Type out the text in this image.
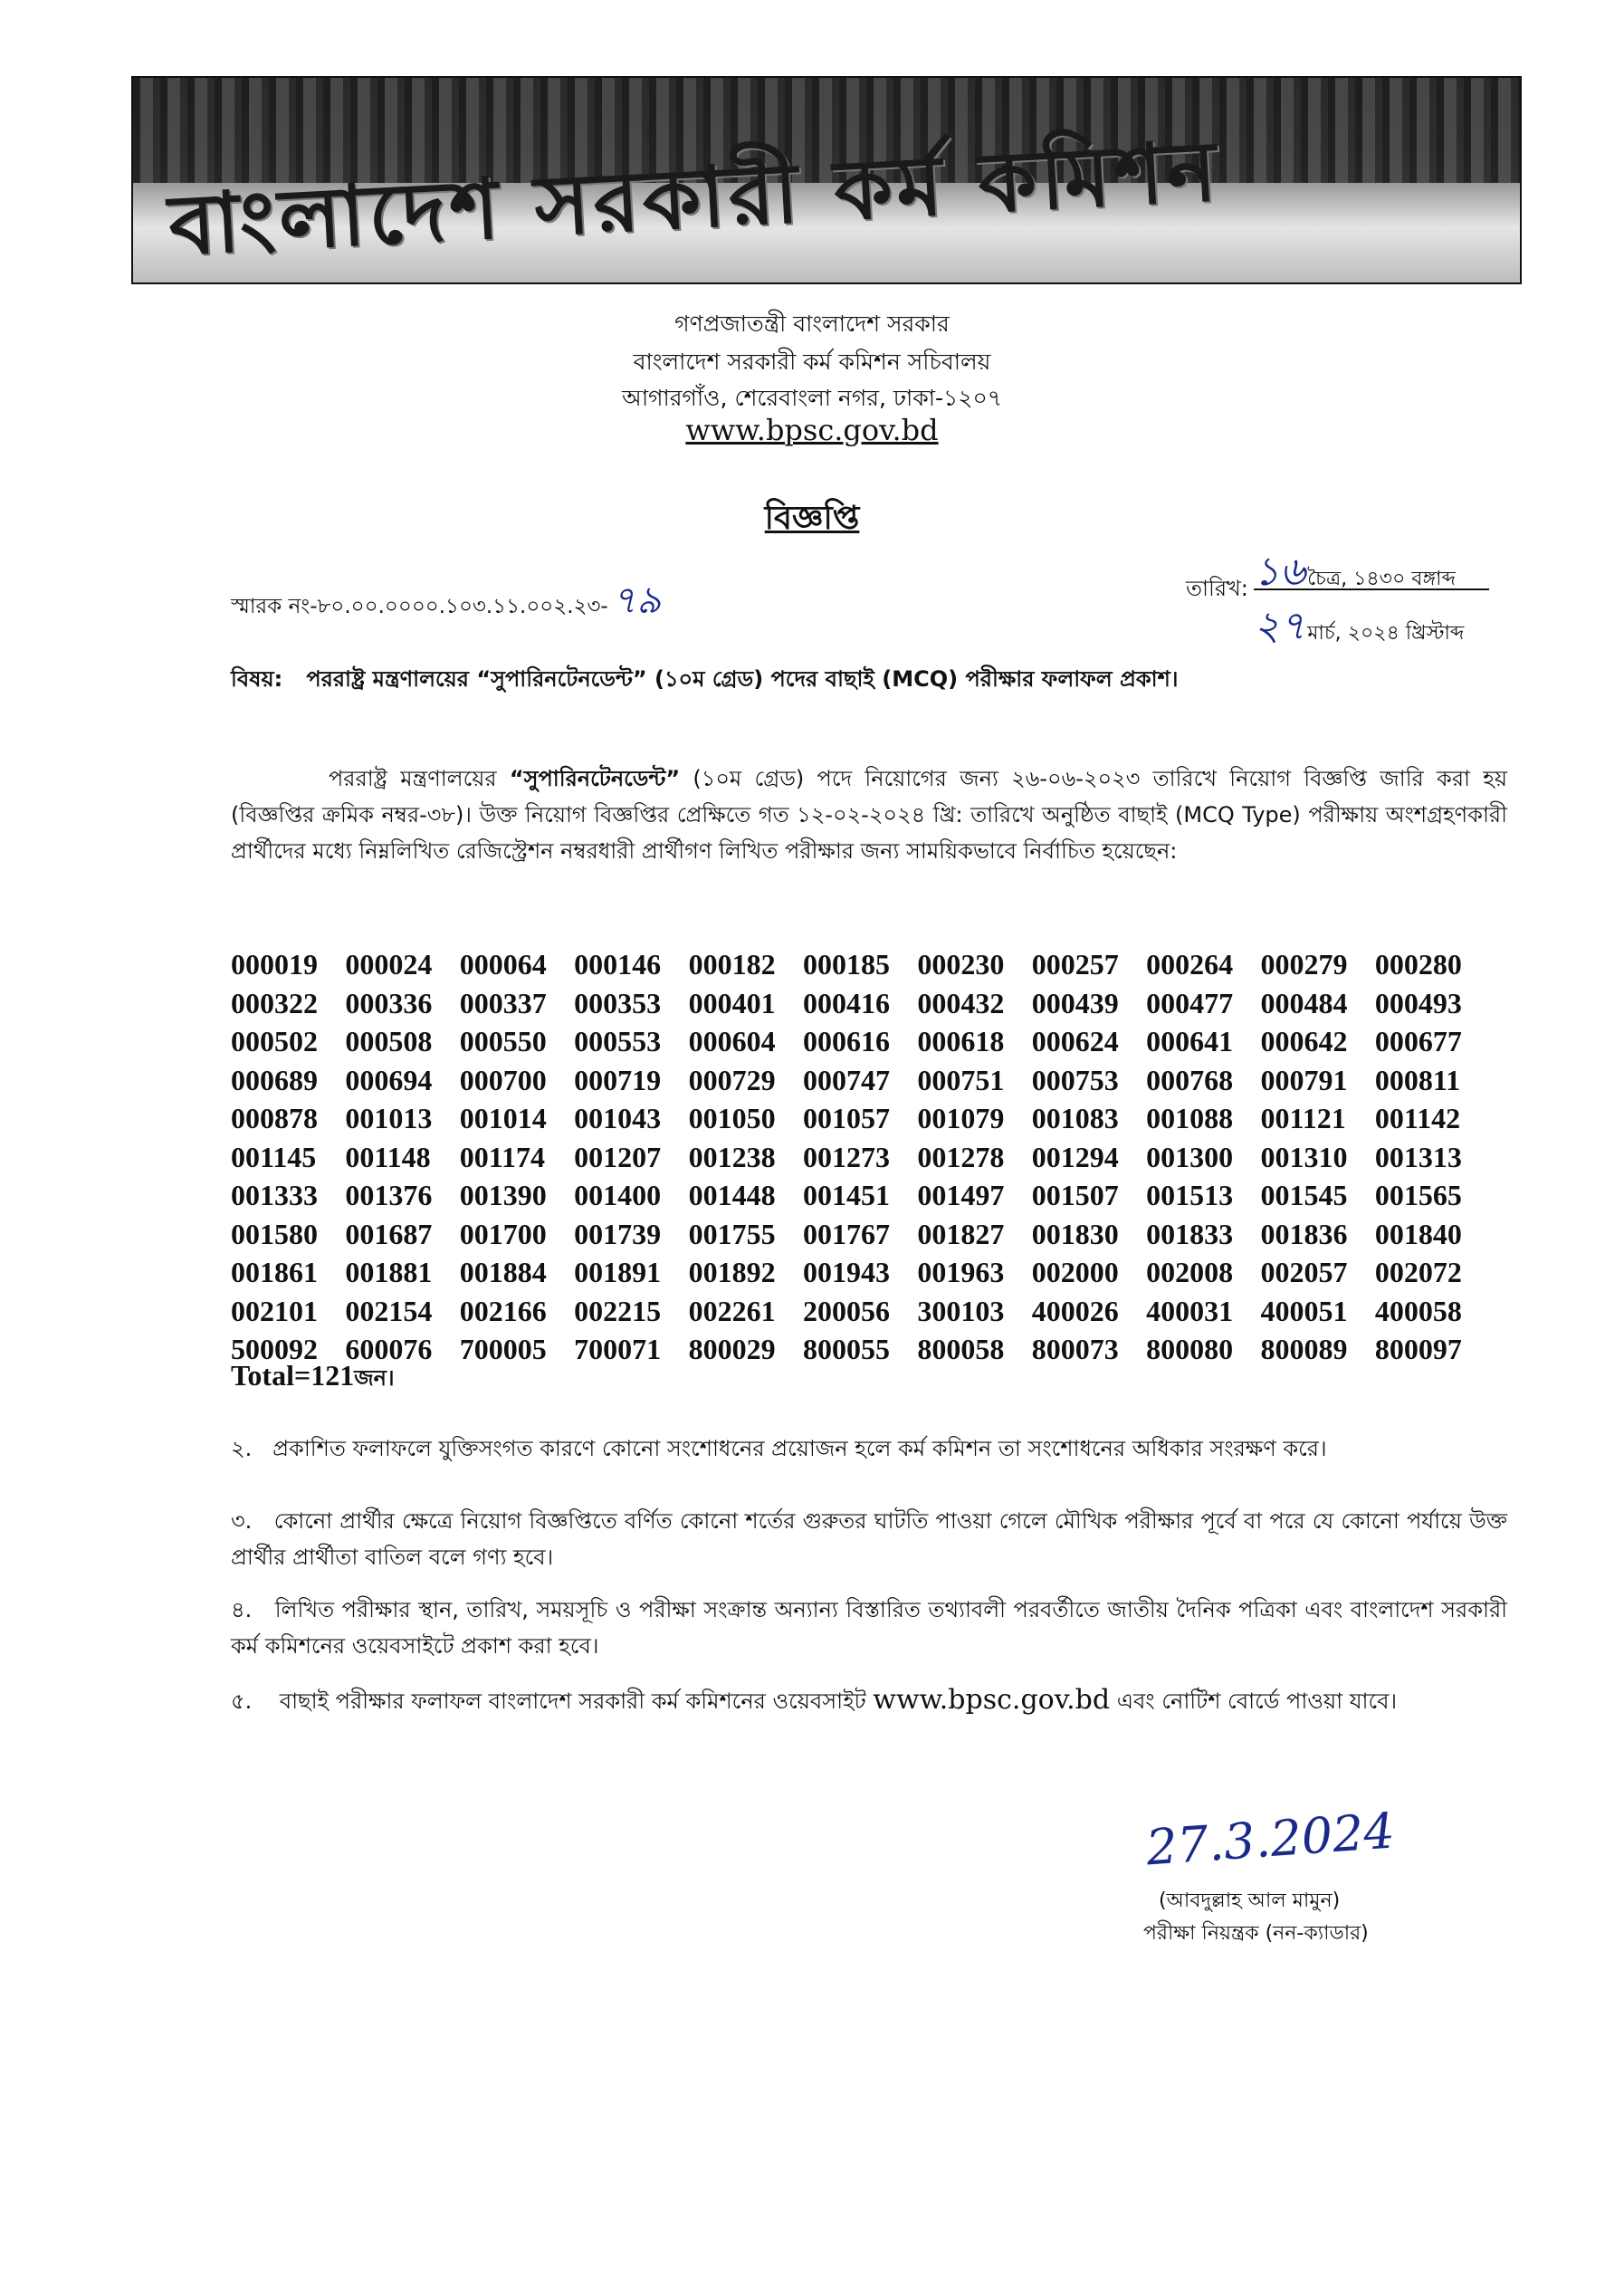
বাংলাদেশ সরকারী কর্ম কমিশন
গণপ্রজাতন্ত্রী বাংলাদেশ সরকার
বাংলাদেশ সরকারী কর্ম কমিশন সচিবালয়
আগারগাঁও, শেরেবাংলা নগর, ঢাকা-১২০৭
www.bpsc.gov.bd
বিজ্ঞপ্তি
স্মারক নং-৮০.০০.০০০০.১০৩.১১.০০২.২৩-৭৯	তারিখ: ১৬চৈত্র, ১৪৩০ বঙ্গাব্দ
২৭মার্চ, ২০২৪ খ্রিস্টাব্দ
বিষয়: পররাষ্ট্র মন্ত্রণালয়ের “সুপারিনটেনডেন্ট” (১০ম গ্রেড) পদের বাছাই (MCQ) পরীক্ষার ফলাফল প্রকাশ।
পররাষ্ট্র মন্ত্রণালয়ের “সুপারিনটেনডেন্ট” (১০ম গ্রেড) পদে নিয়োগের জন্য ২৬-০৬-২০২৩ তারিখে নিয়োগ বিজ্ঞপ্তি জারি করা হয় (বিজ্ঞপ্তির ক্রমিক নম্বর-৩৮)। উক্ত নিয়োগ বিজ্ঞপ্তির প্রেক্ষিতে গত ১২-০২-২০২৪ খ্রি: তারিখে অনুষ্ঠিত বাছাই (MCQ Type) পরীক্ষায় অংশগ্রহণকারী প্রার্থীদের মধ্যে নিম্নলিখিত রেজিস্ট্রেশন নম্বরধারী প্রার্থীগণ লিখিত পরীক্ষার জন্য সাময়িকভাবে নির্বাচিত হয়েছেন:
000019 000024 000064 000146 000182 000185 000230 000257 000264 000279 000280
000322 000336 000337 000353 000401 000416 000432 000439 000477 000484 000493
000502 000508 000550 000553 000604 000616 000618 000624 000641 000642 000677
000689 000694 000700 000719 000729 000747 000751 000753 000768 000791 000811
000878 001013 001014 001043 001050 001057 001079 001083 001088 001121 001142
001145 001148 001174 001207 001238 001273 001278 001294 001300 001310 001313
001333 001376 001390 001400 001448 001451 001497 001507 001513 001545 001565
001580 001687 001700 001739 001755 001767 001827 001830 001833 001836 001840
001861 001881 001884 001891 001892 001943 001963 002000 002008 002057 002072
002101 002154 002166 002215 002261 200056 300103 400026 400031 400051 400058
500092 600076 700005 700071 800029 800055 800058 800073 800080 800089 800097
Total=121জন।
২. প্রকাশিত ফলাফলে যুক্তিসংগত কারণে কোনো সংশোধনের প্রয়োজন হলে কর্ম কমিশন তা সংশোধনের অধিকার সংরক্ষণ করে।
৩. কোনো প্রার্থীর ক্ষেত্রে নিয়োগ বিজ্ঞপ্তিতে বর্ণিত কোনো শর্তের গুরুতর ঘাটতি পাওয়া গেলে মৌখিক পরীক্ষার পূর্বে বা পরে যে কোনো পর্যায়ে উক্ত প্রার্থীর প্রার্থীতা বাতিল বলে গণ্য হবে।
৪. লিখিত পরীক্ষার স্থান, তারিখ, সময়সূচি ও পরীক্ষা সংক্রান্ত অন্যান্য বিস্তারিত তথ্যাবলী পরবর্তীতে জাতীয় দৈনিক পত্রিকা এবং বাংলাদেশ সরকারী কর্ম কমিশনের ওয়েবসাইটে প্রকাশ করা হবে।
৫. বাছাই পরীক্ষার ফলাফল বাংলাদেশ সরকারী কর্ম কমিশনের ওয়েবসাইট www.bpsc.gov.bd এবং নোটিশ বোর্ডে পাওয়া যাবে।
27.3.2024
(আবদুল্লাহ আল মামুন)
পরীক্ষা নিয়ন্ত্রক (নন-ক্যাডার)
